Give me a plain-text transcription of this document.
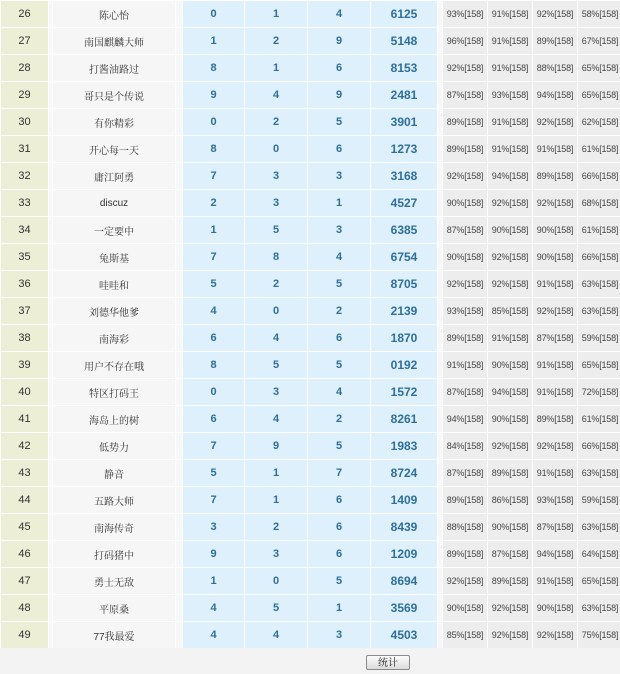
26		陈心怡		0	1	4	6125		93%[158]	91%[158]	92%[158]	58%[158]
27		南国麒麟大师		1	2	9	5148		96%[158]	91%[158]	89%[158]	67%[158]
28		打酱油路过		8	1	6	8153		92%[158]	91%[158]	88%[158]	65%[158]
29		哥只是个传说		9	4	9	2481		87%[158]	93%[158]	94%[158]	65%[158]
30		有你精彩		0	2	5	3901		89%[158]	91%[158]	92%[158]	62%[158]
31		开心每一天		8	0	6	1273		89%[158]	91%[158]	91%[158]	61%[158]
32		庸江阿勇		7	3	3	3168		92%[158]	94%[158]	89%[158]	66%[158]
33		discuz		2	3	1	4527		90%[158]	92%[158]	92%[158]	68%[158]
34		一定要中		1	5	3	6385		87%[158]	90%[158]	90%[158]	61%[158]
35		兔斯基		7	8	4	6754		90%[158]	92%[158]	90%[158]	66%[158]
36		哇哇和		5	2	5	8705		92%[158]	92%[158]	91%[158]	63%[158]
37		刘德华他爹		4	0	2	2139		93%[158]	85%[158]	92%[158]	63%[158]
38		南海彩		6	4	6	1870		89%[158]	91%[158]	87%[158]	59%[158]
39		用户不存在哦		8	5	5	0192		91%[158]	90%[158]	91%[158]	65%[158]
40		特区打码王		0	3	4	1572		87%[158]	94%[158]	91%[158]	72%[158]
41		海岛上的树		6	4	2	8261		94%[158]	90%[158]	89%[158]	61%[158]
42		低势力		7	9	5	1983		84%[158]	92%[158]	92%[158]	66%[158]
43		静音		5	1	7	8724		87%[158]	89%[158]	91%[158]	63%[158]
44		五路大师		7	1	6	1409		89%[158]	86%[158]	93%[158]	59%[158]
45		南海传奇		3	2	6	8439		88%[158]	90%[158]	87%[158]	63%[158]
46		打码猪中		9	3	6	1209		89%[158]	87%[158]	94%[158]	64%[158]
47		勇士无敌		1	0	5	8694		92%[158]	89%[158]	91%[158]	65%[158]
48		平原桑		4	5	1	3569		90%[158]	92%[158]	90%[158]	63%[158]
49		77我最爱		4	4	3	4503		85%[158]	92%[158]	92%[158]	75%[158]
统计
